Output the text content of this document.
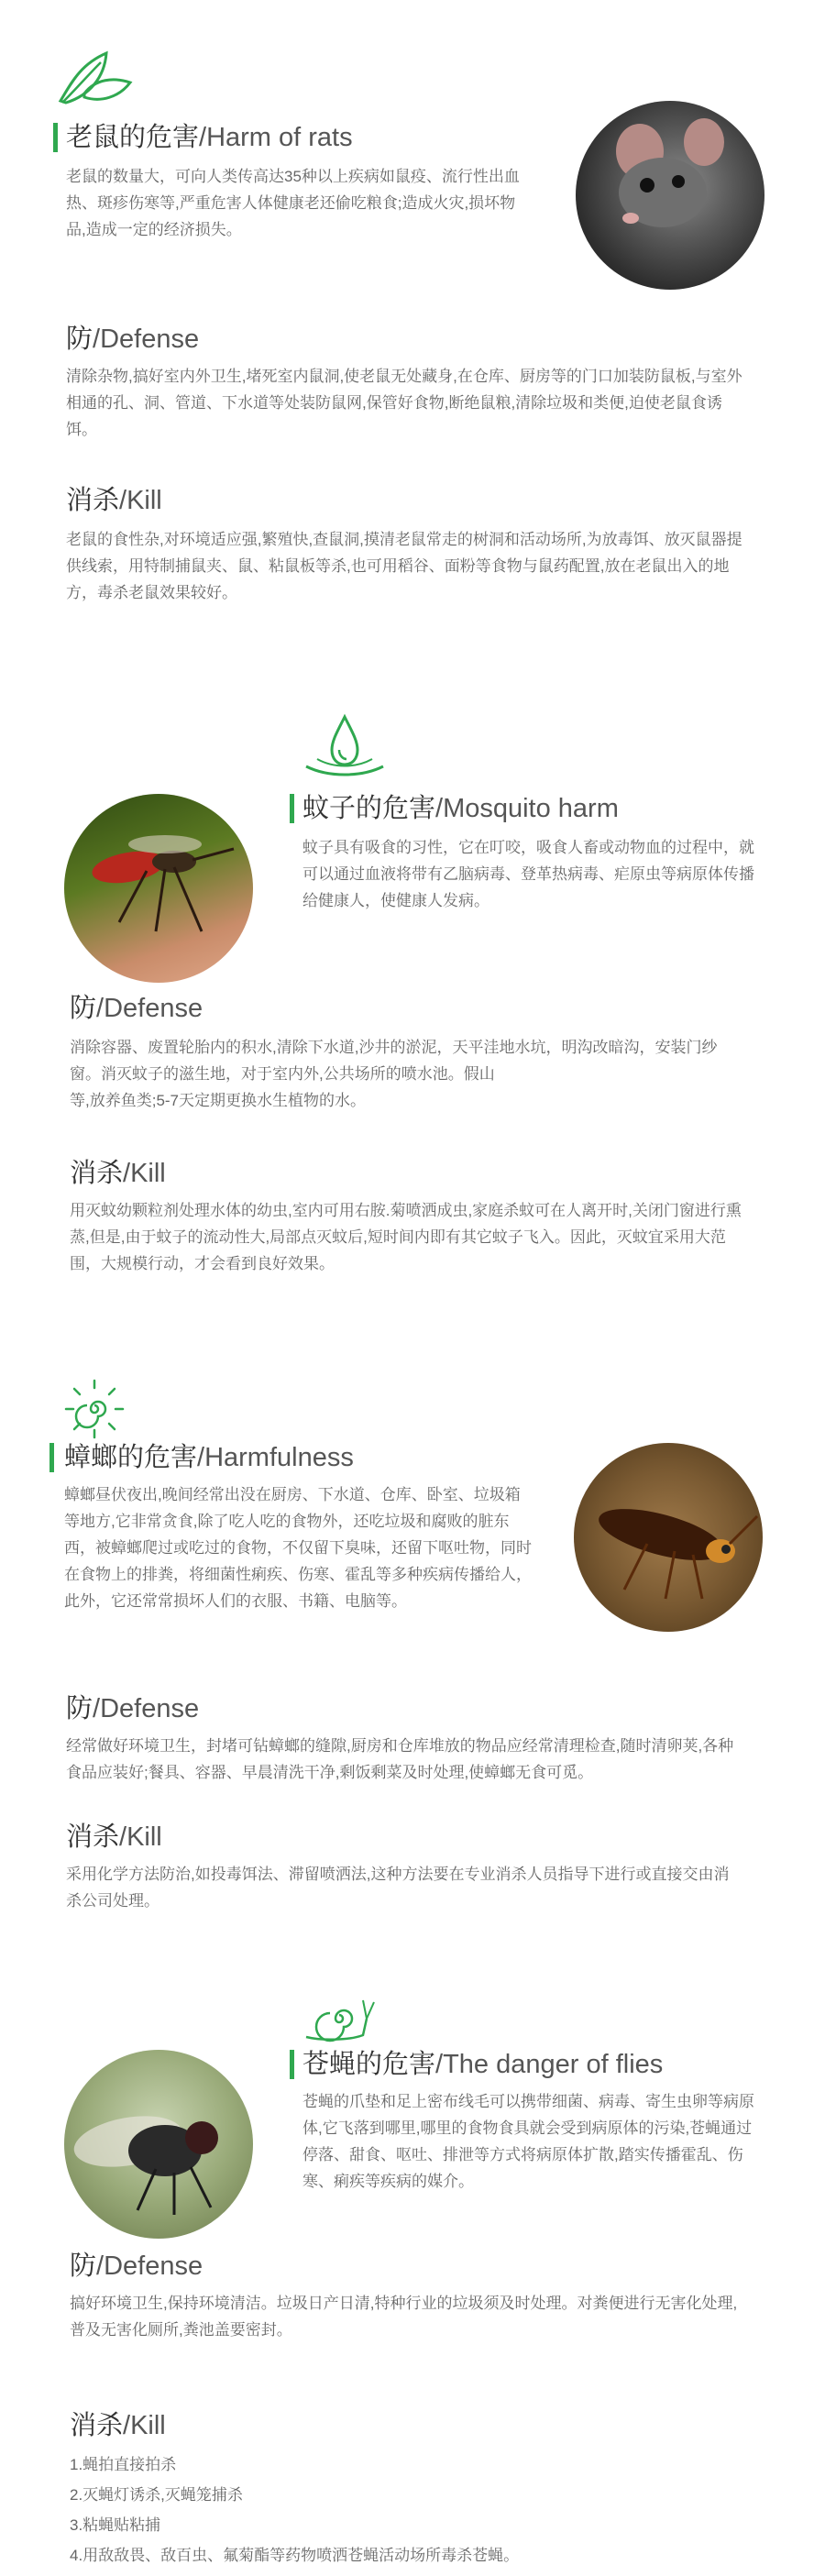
老鼠的危害/Harm of rats
老鼠的数量大，可向人类传高达35种以上疾病如鼠疫、流行性出血热、斑疹伤寒等,严重危害人体健康老还偷吃粮食;造成火灾,损坏物品,造成一定的经济损失。
防/Defense
清除杂物,搞好室内外卫生,堵死室内鼠洞,使老鼠无处藏身,在仓库、厨房等的门口加装防鼠板,与室外相通的孔、洞、管道、下水道等处装防鼠网,保管好食物,断绝鼠粮,清除垃圾和类便,迫使老鼠食诱饵。
消杀/Kill
老鼠的食性杂,对环境适应强,繁殖快,查鼠洞,摸清老鼠常走的树洞和活动场所,为放毒饵、放灭鼠器提供线索，用特制捕鼠夹、鼠、粘鼠板等杀,也可用稻谷、面粉等食物与鼠药配置,放在老鼠出入的地方，毒杀老鼠效果较好。
蚊子的危害/Mosquito harm
蚊子具有吸食的习性，它在叮咬，吸食人畜或动物血的过程中，就可以通过血液将带有乙脑病毒、登革热病毒、疟原虫等病原体传播给健康人，使健康人发病。
防/Defense
消除容器、废置轮胎内的积水,清除下水道,沙井的淤泥，天平洼地水坑，明沟改暗沟，安装门纱窗。消灭蚊子的滋生地，对于室内外,公共场所的喷水池。假山
等,放养鱼类;5-7天定期更换水生植物的水。
消杀/Kill
用灭蚊幼颗粒剂处理水体的幼虫,室内可用右胺.菊喷洒成虫,家庭杀蚊可在人离开时,关闭门窗进行熏蒸,但是,由于蚊子的流动性大,局部点灭蚊后,短时间内即有其它蚊子飞入。因此，灭蚊宜采用大范围，大规模行动，才会看到良好效果。
蟑螂的危害/Harmfulness
蟑螂昼伏夜出,晚间经常出没在厨房、下水道、仓库、卧室、垃圾箱等地方,它非常贪食,除了吃人吃的食物外，还吃垃圾和腐败的脏东西，被蟑螂爬过或吃过的食物，不仅留下臭味，还留下呕吐物，同时在食物上的排粪，将细菌性痢疾、伤寒、霍乱等多种疾病传播给人，此外，它还常常损坏人们的衣服、书籍、电脑等。
防/Defense
经常做好环境卫生，封堵可钻蟑螂的缝隙,厨房和仓库堆放的物品应经常清理检查,随时清卵荚,各种食品应装好;餐具、容器、早晨清洗干净,剩饭剩菜及时处理,使蟑螂无食可觅。
消杀/Kill
采用化学方法防治,如投毒饵法、滞留喷洒法,这种方法要在专业消杀人员指导下进行或直接交由消杀公司处理。
苍蝇的危害/The danger of flies
苍蝇的爪垫和足上密布线毛可以携带细菌、病毒、寄生虫卵等病原体,它飞落到哪里,哪里的食物食具就会受到病原体的污染,苍蝇通过停落、甜食、呕吐、排泄等方式将病原体扩散,踏实传播霍乱、伤寒、痢疾等疾病的媒介。
防/Defense
搞好环境卫生,保持环境清洁。垃圾日产日清,特种行业的垃圾须及时处理。对粪便进行无害化处理,普及无害化厕所,粪池盖要密封。
消杀/Kill
1.蝇拍直接拍杀
2.灭蝇灯诱杀,灭蝇笼捕杀
3.粘蝇贴粘捕
4.用敌敌畏、敌百虫、氟菊酯等药物喷洒苍蝇活动场所毒杀苍蝇。
